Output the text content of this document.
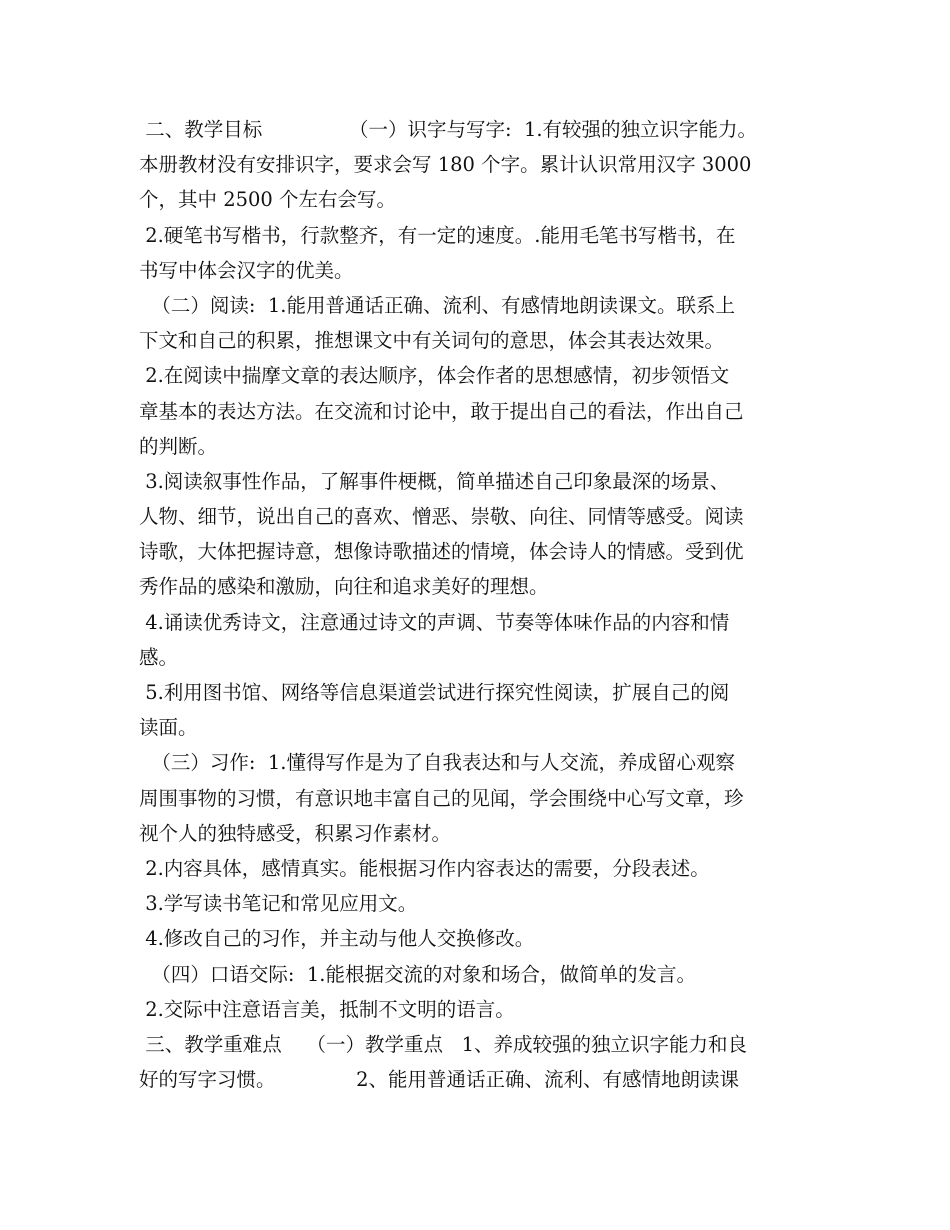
二、教学目标              （一）识字与写字:  1.有较强的独立识字能力。
本册教材没有安排识字，要求会写 180 个字。累计认识常用汉字 3000
个，其中 2500 个左右会写。
2.硬笔书写楷书，行款整齐，有一定的速度。.能用毛笔书写楷书，在
书写中体会汉字的优美。
（二）阅读:  1.能用普通话正确、流利、有感情地朗读课文。联系上
下文和自己的积累，推想课文中有关词句的意思，体会其表达效果。
2.在阅读中揣摩文章的表达顺序，体会作者的思想感情，初步领悟文
章基本的表达方法。在交流和讨论中，敢于提出自己的看法，作出自己
的判断。
3.阅读叙事性作品，了解事件梗概，简单描述自己印象最深的场景、
人物、细节，说出自己的喜欢、憎恶、崇敬、向往、同情等感受。阅读
诗歌，大体把握诗意，想像诗歌描述的情境，体会诗人的情感。受到优
秀作品的感染和激励，向往和追求美好的理想。
4.诵读优秀诗文，注意通过诗文的声调、节奏等体味作品的内容和情
感。
5.利用图书馆、网络等信息渠道尝试进行探究性阅读，扩展自己的阅
读面。
（三）习作:  1.懂得写作是为了自我表达和与人交流，养成留心观察
周围事物的习惯，有意识地丰富自己的见闻，学会围绕中心写文章，珍
视个人的独特感受，积累习作素材。
2.内容具体，感情真实。能根据习作内容表达的需要，分段表述。
3.学写读书笔记和常见应用文。
4.修改自己的习作，并主动与他人交换修改。
（四）口语交际:  1.能根据交流的对象和场合，做简单的发言。
2.交际中注意语言美，抵制不文明的语言。
三、教学重难点    （一）教学重点   1、养成较强的独立识字能力和良
好的写字习惯。             2、能用普通话正确、流利、有感情地朗读课
